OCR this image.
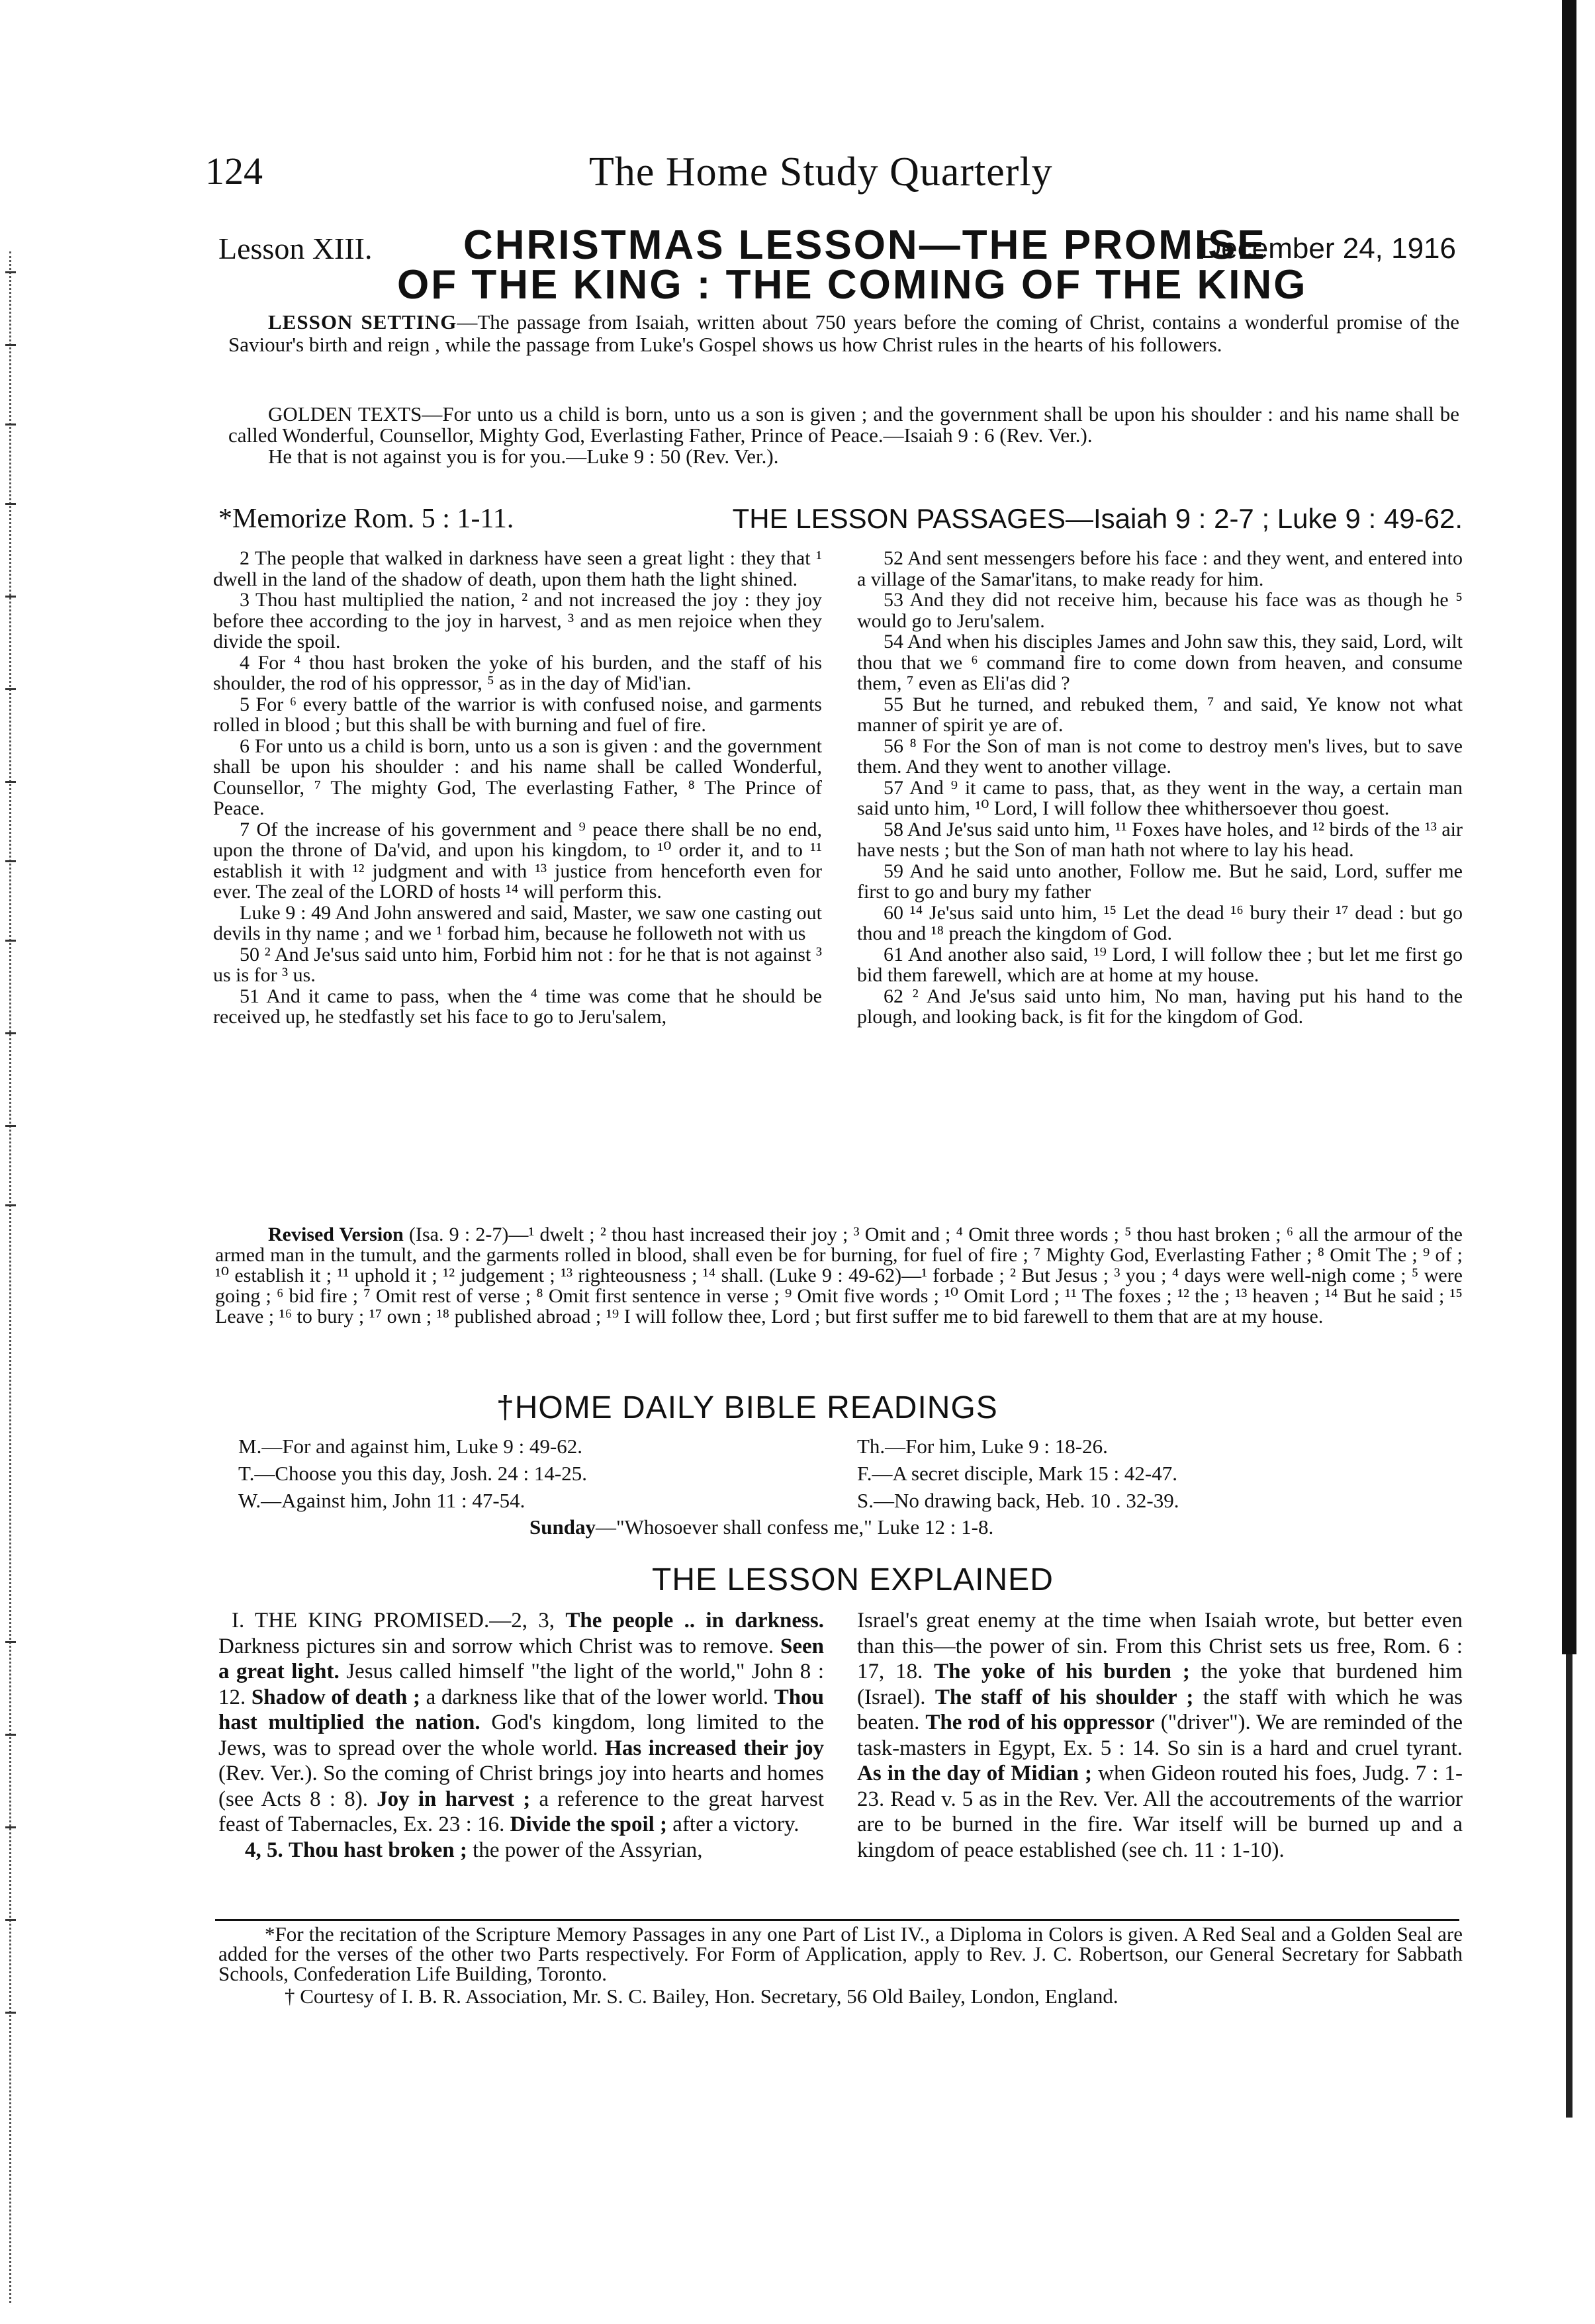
124	The Home Study Quarterly
Lesson XIII. CHRISTMAS LESSON—THE PROMISE
December 24, 1916
OF THE KING : THE COMING OF THE KING
LESSON SETTING—The passage from Isaiah, written about 750 years before the coming of Christ, contains a wonderful promise of the Saviour's birth and reign , while the passage from Luke's Gospel shows us how Christ rules in the hearts of his followers.

GOLDEN TEXTS—For unto us a child is born, unto us a son is given ; and the government shall be upon his shoulder : and his name shall be called Wonderful, Counsellor, Mighty God, Everlasting Father, Prince of Peace.—Isaiah 9 : 6 (Rev. Ver.).

He that is not against you is for you.—Luke 9 : 50 (Rev. Ver.).

*Memorize Rom. 5 : 1-11.	THE LESSON PASSAGES—Isaiah 9 : 2-7 ; Luke 9 : 49-62.

2 The people that walked in darkness have seen a great light : they that ¹ dwell in the land of the shadow of death, upon them hath the light shined.

3 Thou hast multiplied the nation, ² and not increased the joy : they joy before thee according to the joy in harvest, ³ and as men rejoice when they divide the spoil.

4 For ⁴ thou hast broken the yoke of his burden, and the staff of his shoulder, the rod of his oppressor, ⁵ as in the day of Mid'ian.

5 For ⁶ every battle of the warrior is with confused noise, and garments rolled in blood ; but this shall be with burning and fuel of fire.

6 For unto us a child is born, unto us a son is given : and the government shall be upon his shoulder : and his name shall be called Wonderful, Counsellor, ⁷ The mighty God, The everlasting Father, ⁸ The Prince of Peace.

7 Of the increase of his government and ⁹ peace there shall be no end, upon the throne of Da'vid, and upon his kingdom, to ¹⁰ order it, and to ¹¹ establish it with ¹² judgment and with ¹³ justice from henceforth even for ever. The zeal of the LORD of hosts ¹⁴ will perform this.

Luke 9 : 49 And John answered and said, Master, we saw one casting out devils in thy name ; and we ¹ forbad him, because he followeth not with us

50 ² And Je'sus said unto him, Forbid him not : for he that is not against ³ us is for ³ us.

51 And it came to pass, when the ⁴ time was come that he should be received up, he stedfastly set his face to go to Jeru'salem,

52 And sent messengers before his face : and they went, and entered into a village of the Samar'itans, to make ready for him.

53 And they did not receive him, because his face was as though he ⁵ would go to Jeru'salem.

54 And when his disciples James and John saw this, they said, Lord, wilt thou that we ⁶ command fire to come down from heaven, and consume them, ⁷ even as Eli'as did ?

55 But he turned, and rebuked them, ⁷ and said, Ye know not what manner of spirit ye are of.

56 ⁸ For the Son of man is not come to destroy men's lives, but to save them. And they went to another village.

57 And ⁹ it came to pass, that, as they went in the way, a certain man said unto him, ¹⁰ Lord, I will follow thee whithersoever thou goest.

58 And Je'sus said unto him, ¹¹ Foxes have holes, and ¹² birds of the ¹³ air have nests ; but the Son of man hath not where to lay his head.

59 And he said unto another, Follow me. But he said, Lord, suffer me first to go and bury my father

60 ¹⁴ Je'sus said unto him, ¹⁵ Let the dead ¹⁶ bury their ¹⁷ dead : but go thou and ¹⁸ preach the kingdom of God.

61 And another also said, ¹⁹ Lord, I will follow thee ; but let me first go bid them farewell, which are at home at my house.

62 ² And Je'sus said unto him, No man, having put his hand to the plough, and looking back, is fit for the kingdom of God.

Revised Version (Isa. 9 : 2-7)—¹ dwelt ; ² thou hast increased their joy ; ³ Omit and ; ⁴ Omit three words ; ⁵ thou hast broken ; ⁶ all the armour of the armed man in the tumult, and the garments rolled in blood, shall even be for burning, for fuel of fire ; ⁷ Mighty God, Everlasting Father ; ⁸ Omit The ; ⁹ of ; ¹⁰ establish it ; ¹¹ uphold it ; ¹² judgement ; ¹³ righteousness ; ¹⁴ shall. (Luke 9 : 49-62)—¹ forbade ; ² But Jesus ; ³ you ; ⁴ days were well-nigh come ; ⁵ were going ; ⁶ bid fire ; ⁷ Omit rest of verse ; ⁸ Omit first sentence in verse ; ⁹ Omit five words ; ¹⁰ Omit Lord ; ¹¹ The foxes ; ¹² the ; ¹³ heaven ; ¹⁴ But he said ; ¹⁵ Leave ; ¹⁶ to bury ; ¹⁷ own ; ¹⁸ published abroad ; ¹⁹ I will follow thee, Lord ; but first suffer me to bid farewell to them that are at my house.
†HOME DAILY BIBLE READINGS
M.—For and against him, Luke 9 : 49-62.	Th.—For him, Luke 9 : 18-26.
T.—Choose you this day, Josh. 24 : 14-25.	F.—A secret disciple, Mark 15 : 42-47.
W.—Against him, John 11 : 47-54.	S.—No drawing back, Heb. 10 . 32-39.
Sunday—"Whosoever shall confess me," Luke 12 : 1-8.
THE LESSON EXPLAINED

I. THE KING PROMISED.—2, 3, The people .. in darkness. Darkness pictures sin and sorrow which Christ was to remove. Seen a great light. Jesus called himself "the light of the world," John 8 : 12. Shadow of death ; a darkness like that of the lower world. Thou hast multiplied the nation. God's kingdom, long limited to the Jews, was to spread over the whole world. Has increased their joy (Rev. Ver.). So the coming of Christ brings joy into hearts and homes (see Acts 8 : 8). Joy in harvest ; a reference to the great harvest feast of Tabernacles, Ex. 23 : 16. Divide the spoil ; after a victory.

4, 5. Thou hast broken ; the power of the Assyrian,

Israel's great enemy at the time when Isaiah wrote, but better even than this—the power of sin. From this Christ sets us free, Rom. 6 : 17, 18. The yoke of his burden ; the yoke that burdened him (Israel). The staff of his shoulder ; the staff with which he was beaten. The rod of his oppressor ("driver"). We are reminded of the task-masters in Egypt, Ex. 5 : 14. So sin is a hard and cruel tyrant. As in the day of Midian ; when Gideon routed his foes, Judg. 7 : 1-23. Read v. 5 as in the Rev. Ver. All the accoutrements of the warrior are to be burned in the fire. War itself will be burned up and a kingdom of peace established (see ch. 11 : 1-10).

*For the recitation of the Scripture Memory Passages in any one Part of List IV., a Diploma in Colors is given. A Red Seal and a Golden Seal are added for the verses of the other two Parts respectively. For Form of Application, apply to Rev. J. C. Robertson, our General Secretary for Sabbath Schools, Confederation Life Building, Toronto.

† Courtesy of I. B. R. Association, Mr. S. C. Bailey, Hon. Secretary, 56 Old Bailey, London, England.
